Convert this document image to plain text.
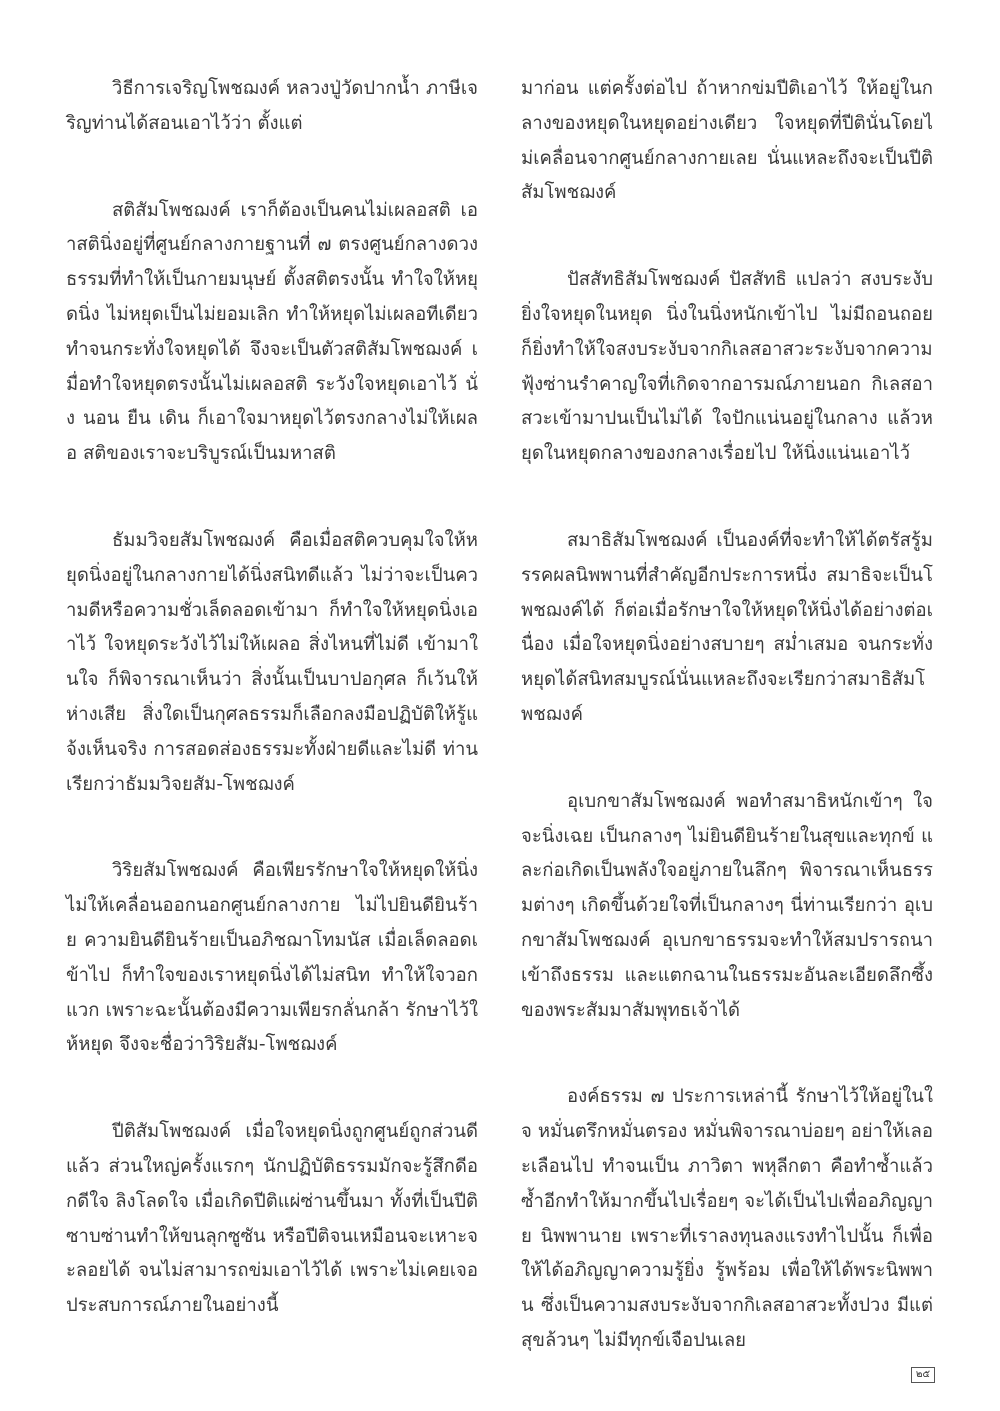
วิธีการเจริญโพชฌงค์ หลวงปู่วัดปากน้ำ ภาษีเจริญท่านได้สอนเอาไว้ว่า ตั้งแต่

สติสัมโพชฌงค์ เราก็ต้องเป็นคนไม่เผลอสติ เอาสตินิ่งอยู่ที่ศูนย์กลางกายฐานที่ ๗ ตรงศูนย์กลางดวงธรรมที่ทำให้เป็นกายมนุษย์ ตั้งสติตรงนั้น ทำใจให้หยุดนิ่ง ไม่หยุดเป็นไม่ยอมเลิก ทำให้หยุดไม่เผลอทีเดียว ทำจนกระทั่งใจหยุดได้ จึงจะเป็นตัวสติสัมโพชฌงค์ เมื่อทำใจหยุดตรงนั้นไม่เผลอสติ ระวังใจหยุดเอาไว้ นั่ง นอน ยืน เดิน ก็เอาใจมาหยุดไว้ตรงกลางไม่ให้เผลอ สติของเราจะบริบูรณ์เป็นมหาสติ

ธัมมวิจยสัมโพชฌงค์ คือเมื่อสติควบคุมใจให้หยุดนิ่งอยู่ในกลางกายได้นิ่งสนิทดีแล้ว ไม่ว่าจะเป็นความดีหรือความชั่วเล็ดลอดเข้ามา ก็ทำใจให้หยุดนิ่งเอาไว้ ใจหยุดระวังไว้ไม่ให้เผลอ สิ่งไหนที่ไม่ดี เข้ามาในใจ ก็พิจารณาเห็นว่า สิ่งนั้นเป็นบาปอกุศล ก็เว้นให้ห่างเสีย สิ่งใดเป็นกุศลธรรมก็เลือกลงมือปฏิบัติให้รู้แจ้งเห็นจริง การสอดส่องธรรมะทั้งฝ่ายดีและไม่ดี ท่านเรียกว่าธัมมวิจยสัม-โพชฌงค์

วิริยสัมโพชฌงค์ คือเพียรรักษาใจให้หยุดให้นิ่ง ไม่ให้เคลื่อนออกนอกศูนย์กลางกาย ไม่ไปยินดียินร้าย ความยินดียินร้ายเป็นอภิชฌาโทมนัส เมื่อเล็ดลอดเข้าไป ก็ทำใจของเราหยุดนิ่งได้ไม่สนิท ทำให้ใจวอกแวก เพราะฉะนั้นต้องมีความเพียรกลั่นกล้า รักษาไว้ให้หยุด จึงจะชื่อว่าวิริยสัม-โพชฌงค์

ปีติสัมโพชฌงค์ เมื่อใจหยุดนิ่งถูกศูนย์ถูกส่วนดีแล้ว ส่วนใหญ่ครั้งแรกๆ นักปฏิบัติธรรมมักจะรู้สึกดีอกดีใจ ลิงโลดใจ เมื่อเกิดปีติแผ่ซ่านขึ้นมา ทั้งที่เป็นปีติซาบซ่านทำให้ขนลุกซูซัน หรือปีติจนเหมือนจะเหาะจะลอยได้ จนไม่สามารถข่มเอาไว้ได้ เพราะไม่เคยเจอประสบการณ์ภายในอย่างนี้

มาก่อน แต่ครั้งต่อไป ถ้าหากข่มปีติเอาไว้ ให้อยู่ในกลางของหยุดในหยุดอย่างเดียว ใจหยุดที่ปีตินั่นโดยไม่เคลื่อนจากศูนย์กลางกายเลย นั่นแหละถึงจะเป็นปีติสัมโพชฌงค์

ปัสสัทธิสัมโพชฌงค์ ปัสสัทธิ แปลว่า สงบระงับ ยิ่งใจหยุดในหยุด นิ่งในนิ่งหนักเข้าไป ไม่มีถอนถอย ก็ยิ่งทำให้ใจสงบระงับจากกิเลสอาสวะระงับจากความฟุ้งซ่านรำคาญใจที่เกิดจากอารมณ์ภายนอก กิเลสอาสวะเข้ามาปนเป็นไม่ได้ ใจปักแน่นอยู่ในกลาง แล้วหยุดในหยุดกลางของกลางเรื่อยไป ให้นิ่งแน่นเอาไว้

สมาธิสัมโพชฌงค์ เป็นองค์ที่จะทำให้ได้ตรัสรู้มรรคผลนิพพานที่สำคัญอีกประการหนึ่ง สมาธิจะเป็นโพชฌงค์ได้ ก็ต่อเมื่อรักษาใจให้หยุดให้นิ่งได้อย่างต่อเนื่อง เมื่อใจหยุดนิ่งอย่างสบายๆ สม่ำเสมอ จนกระทั่งหยุดได้สนิทสมบูรณ์นั่นแหละถึงจะเรียกว่าสมาธิสัมโพชฌงค์

อุเบกขาสัมโพชฌงค์ พอทำสมาธิหนักเข้าๆ ใจจะนิ่งเฉย เป็นกลางๆ ไม่ยินดียินร้ายในสุขและทุกข์ และก่อเกิดเป็นพลังใจอยู่ภายในลึกๆ พิจารณาเห็นธรรมต่างๆ เกิดขึ้นด้วยใจที่เป็นกลางๆ นี่ท่านเรียกว่า อุเบกขาสัมโพชฌงค์ อุเบกขาธรรมจะทำให้สมปรารถนา เข้าถึงธรรม และแตกฉานในธรรมะอันละเอียดลึกซึ้งของพระสัมมาสัมพุทธเจ้าได้

องค์ธรรม ๗ ประการเหล่านี้ รักษาไว้ให้อยู่ในใจ หมั่นตรึกหมั่นตรอง หมั่นพิจารณาบ่อยๆ อย่าให้เลอะเลือนไป ทำจนเป็น ภาวิตา พหุลีกตา คือทำซ้ำแล้วซ้ำอีกทำให้มากขึ้นไปเรื่อยๆ จะได้เป็นไปเพื่ออภิญญาย นิพพานาย เพราะที่เราลงทุนลงแรงทำไปนั้น ก็เพื่อให้ได้อภิญญาความรู้ยิ่ง รู้พร้อม เพื่อให้ได้พระนิพพาน ซึ่งเป็นความสงบระงับจากกิเลสอาสวะทั้งปวง มีแต่สุขล้วนๆ ไม่มีทุกข์เจือปนเลย

๒๕
